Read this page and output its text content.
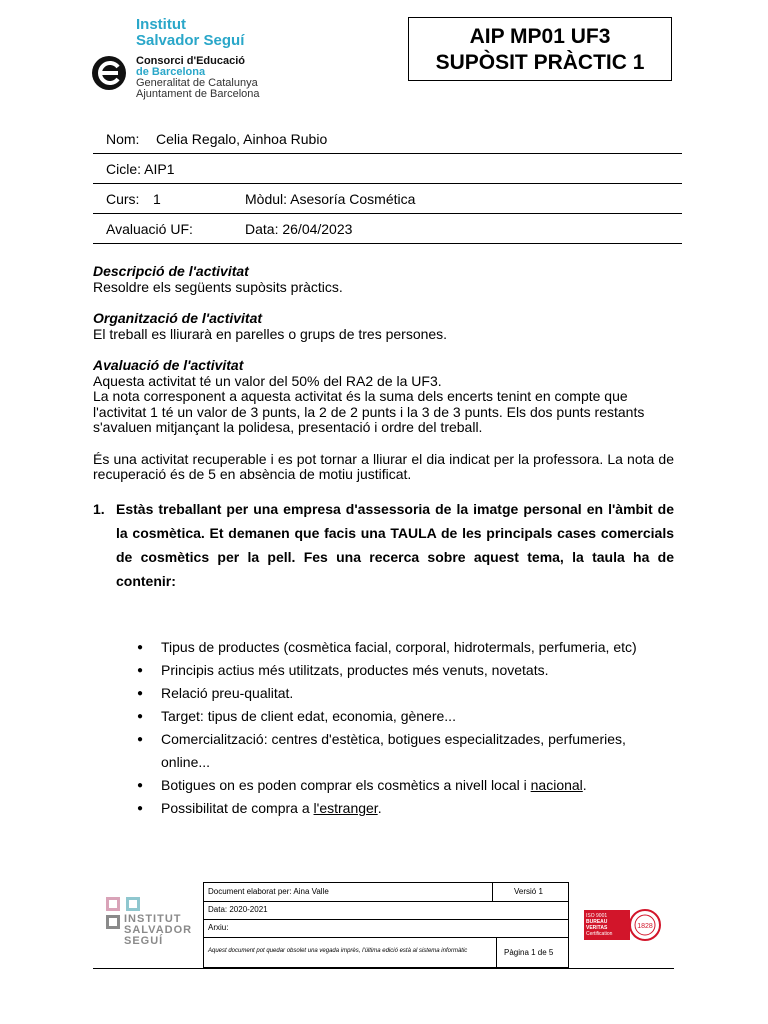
Institut
Salvador Seguí
Consorci d'Educació
de Barcelona
Generalitat de Catalunya
Ajuntament de Barcelona
AIP MP01 UF3
SUPÒSIT PRÀCTIC 1
Nom: Celia Regalo, Ainhoa Rubio
Cicle: AIP1
Curs: 1	Mòdul: Asesoría Cosmética
Avaluació UF:	Data: 26/04/2023
Descripció de l'activitat

Resoldre els següents supòsits pràctics.

Organització de l'activitat

El treball es lliurarà en parelles o grups de tres persones.

Avaluació de l'activitat

Aquesta activitat té un valor del 50% del RA2 de la UF3.

La nota corresponent a aquesta activitat és la suma dels encerts tenint en compte que l'activitat 1 té un valor de 3 punts, la 2 de 2 punts i la 3 de 3 punts. Els dos punts restants s'avaluen mitjançant la polidesa, presentació i ordre del treball.

És una activitat recuperable i es pot tornar a lliurar el dia indicat per la professora. La nota de recuperació és de 5 en absència de motiu justificat.

1. Estàs treballant per una empresa d'assessoria de la imatge personal en l'àmbit de la cosmètica. Et demanen que facis una TAULA de les principals cases comercials de cosmètics per la pell. Fes una recerca sobre aquest tema, la taula ha de contenir:
● Tipus de productes (cosmètica facial, corporal, hidrotermals, perfumeria, etc)
● Principis actius més utilitzats, productes més venuts, novetats.
● Relació preu-qualitat.
● Target: tipus de client edat, economia, gènere...
● Comercialització: centres d'estètica, botigues especialitzades, perfumeries, online...
● Botigues on es poden comprar els cosmètics a nivell local i nacional.
● Possibilitat de compra a l'estranger.
INSTITUT
SALVADOR
SEGUÍ
Document elaborat per: Aina Valle	Versió 1
Data: 2020-2021
Arxiu:
Aquest document pot quedar obsolet una vegada imprès, l'última edició està al sistema informàtic	Pàgina 1 de 5
ISO 9001
BUREAU VERITAS
Certification
1828
